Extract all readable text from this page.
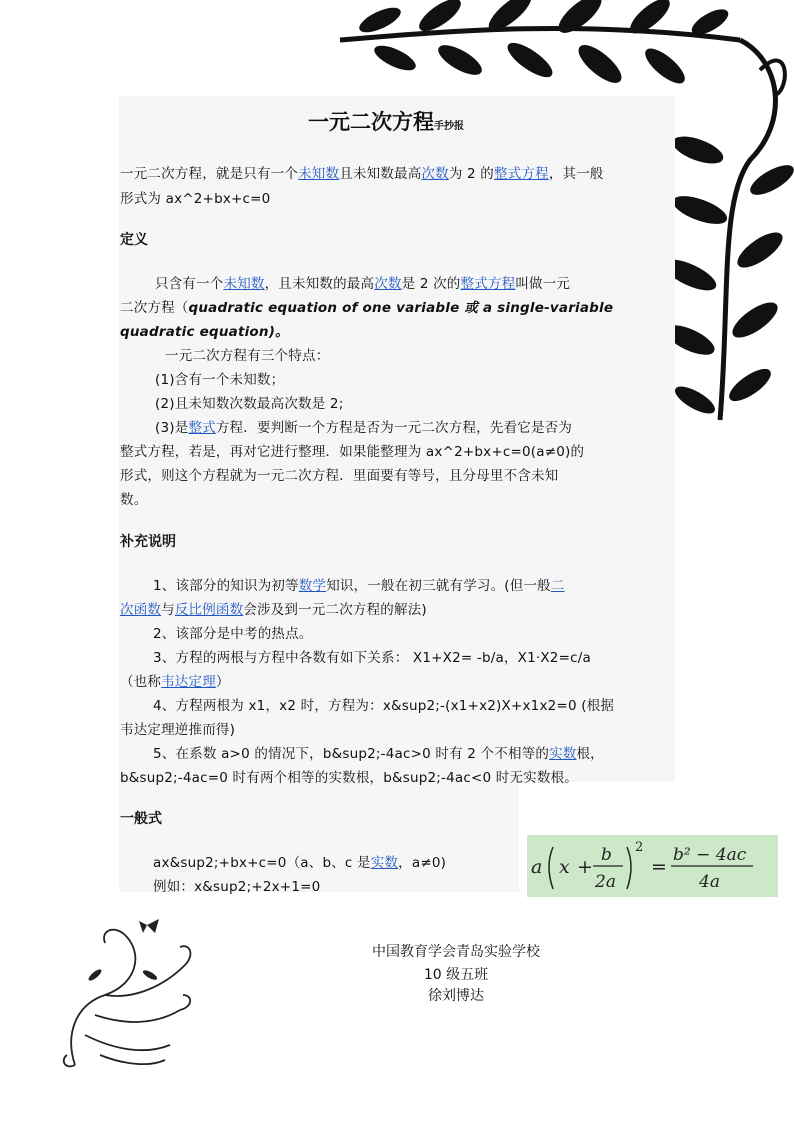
一元二次方程手抄报
一元二次方程，就是只有一个未知数且未知数最高次数为 2 的整式方程，其一般
形式为 ax^2+bx+c=0
定义
只含有一个未知数，且未知数的最高次数是 2 次的整式方程叫做一元
二次方程（quadratic equation of one variable 或 a single-variable
quadratic equation)。
一元二次方程有三个特点：
(1)含有一个未知数；
(2)且未知数次数最高次数是 2;
(3)是整式方程．要判断一个方程是否为一元二次方程，先看它是否为
整式方程，若是，再对它进行整理．如果能整理为 ax^2+bx+c=0(a≠0)的
形式，则这个方程就为一元二次方程．里面要有等号，且分母里不含未知
数。
补充说明
1、该部分的知识为初等数学知识，一般在初三就有学习。(但一般二
次函数与反比例函数会涉及到一元二次方程的解法)
2、该部分是中考的热点。
3、方程的两根与方程中各数有如下关系： X1+X2= -b/a，X1·X2=c/a
（也称韦达定理）
4、方程两根为 x1，x2 时，方程为：x&sup2;-(x1+x2)X+x1x2=0 (根据
韦达定理逆推而得)
5、在系数 a>0 的情况下，b&sup2;-4ac>0 时有 2 个不相等的实数根，
b&sup2;-4ac=0 时有两个相等的实数根，b&sup2;-4ac<0 时无实数根。
一般式
ax&sup2;+bx+c=0（a、b、c 是实数，a≠0)
例如：x&sup2;+2x+1=0
a x +
b
2a
2
=
b² − 4ac
4a
中国教育学会青岛实验学校
10 级五班
徐刘博达
